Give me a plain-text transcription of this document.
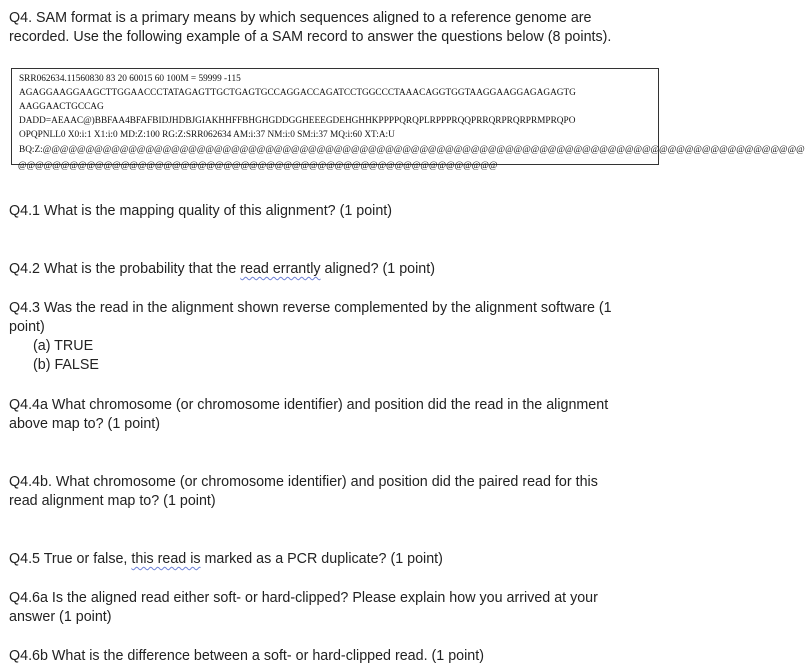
Q4. SAM format is a primary means by which sequences aligned to a reference genome are

recorded. Use the following example of a SAM record to answer the questions below (8 points).

SRR062634.11560830 83 20 60015 60 100M = 59999 -115
AGAGGAAGGAAGCTTGGAACCCTATAGAGTTGCTGAGTGCCAGGACCAGATCCTGGCCCTAAACAGGTGGTAAGGAAGGAGAGAGTG
AAGGAACTGCCAG
DADD=AEAAC@)BBFAA4BFAFBIDJHDBJGIAKHHFFBHGHGDDGGHEEEGDEHGHHKPPPPQRQPLRPPPRQQPRRQRPRQRPRMPRQPO
OPQPNLL0 X0:i:1 X1:i:0 MD:Z:100 RG:Z:SRR062634 AM:i:37 NM:i:0 SM:i:37 MQ:i:60 XT:A:U
BQ:Z:@@@@@@@@@@@@@@@@@@@@@@@@@@@@@@@@@@@@@@@@@@@@@@@@@@@@@@@@@@@@@@@@@@@@@@@@@@@@@@@@@@@@@@@@@
@@@@@@@@@@@@@@@@@@@@@@@@@@@@@@@@@@@@@@@@@@@@@@@@@@@@@@@@

Q4.1 What is the mapping quality of this alignment? (1 point)

Q4.2 What is the probability that the read errantly aligned? (1 point)

Q4.3 Was the read in the alignment shown reverse complemented by the alignment software (1

point)

(a) TRUE

(b) FALSE

Q4.4a What chromosome (or chromosome identifier) and position did the read in the alignment

above map to? (1 point)

Q4.4b. What chromosome (or chromosome identifier) and position did the paired read for this

read alignment map to? (1 point)

Q4.5 True or false, this read is marked as a PCR duplicate? (1 point)

Q4.6a Is the aligned read either soft- or hard-clipped? Please explain how you arrived at your

answer (1 point)

Q4.6b What is the difference between a soft- or hard-clipped read. (1 point)
